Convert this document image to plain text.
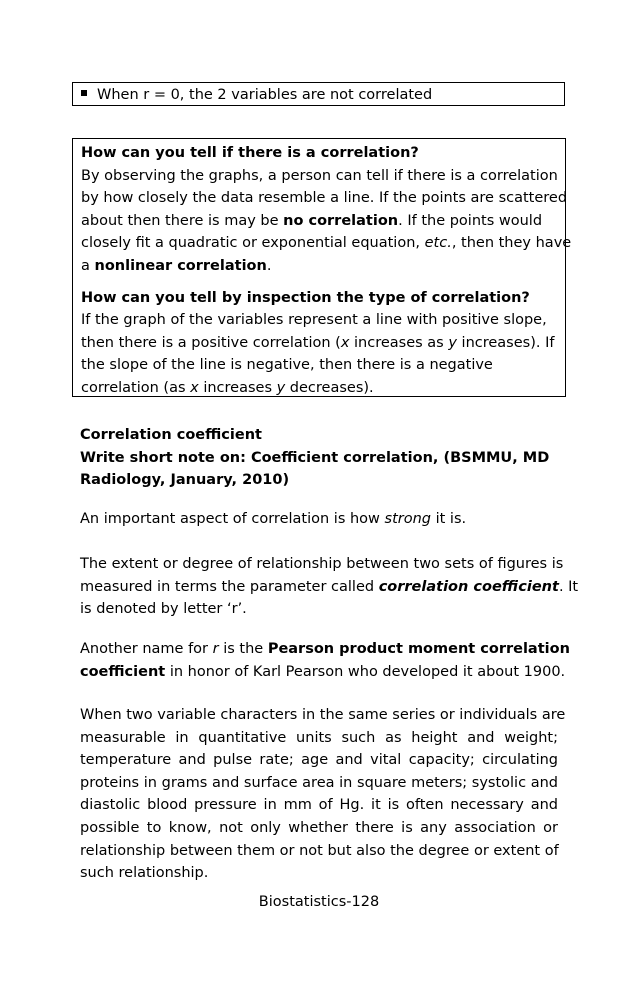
When r = 0, the 2 variables are not correlated

How can you tell if there is a correlation?

By observing the graphs, a person can tell if there is a correlation

by how closely the data resemble a line. If the points are scattered

about then there is may be no correlation. If the points would

closely fit a quadratic or exponential equation, etc., then they have

a nonlinear correlation.

How can you tell by inspection the type of correlation?

If the graph of the variables represent a line with positive slope,

then there is a positive correlation (x increases as y increases). If

the slope of the line is negative, then there is a negative

correlation (as x increases y decreases).

Correlation coefficient
Write short note on: Coefficient correlation, (BSMMU, MD
Radiology, January, 2010)
An important aspect of correlation is how strong it is.
The extent or degree of relationship between two sets of figures is
measured in terms the parameter called correlation coefficient. It
is denoted by letter ‘r’.
Another name for r is the Pearson product moment correlation
coefficient in honor of Karl Pearson who developed it about 1900.
When two variable characters in the same series or individuals are
measurable in quantitative units such as height and weight;
temperature and pulse rate; age and vital capacity; circulating
proteins in grams and surface area in square meters; systolic and
diastolic blood pressure in mm of Hg. it is often necessary and
possible to know, not only whether there is any association or
relationship between them or not but also the degree or extent of
such relationship.
Biostatistics-128
